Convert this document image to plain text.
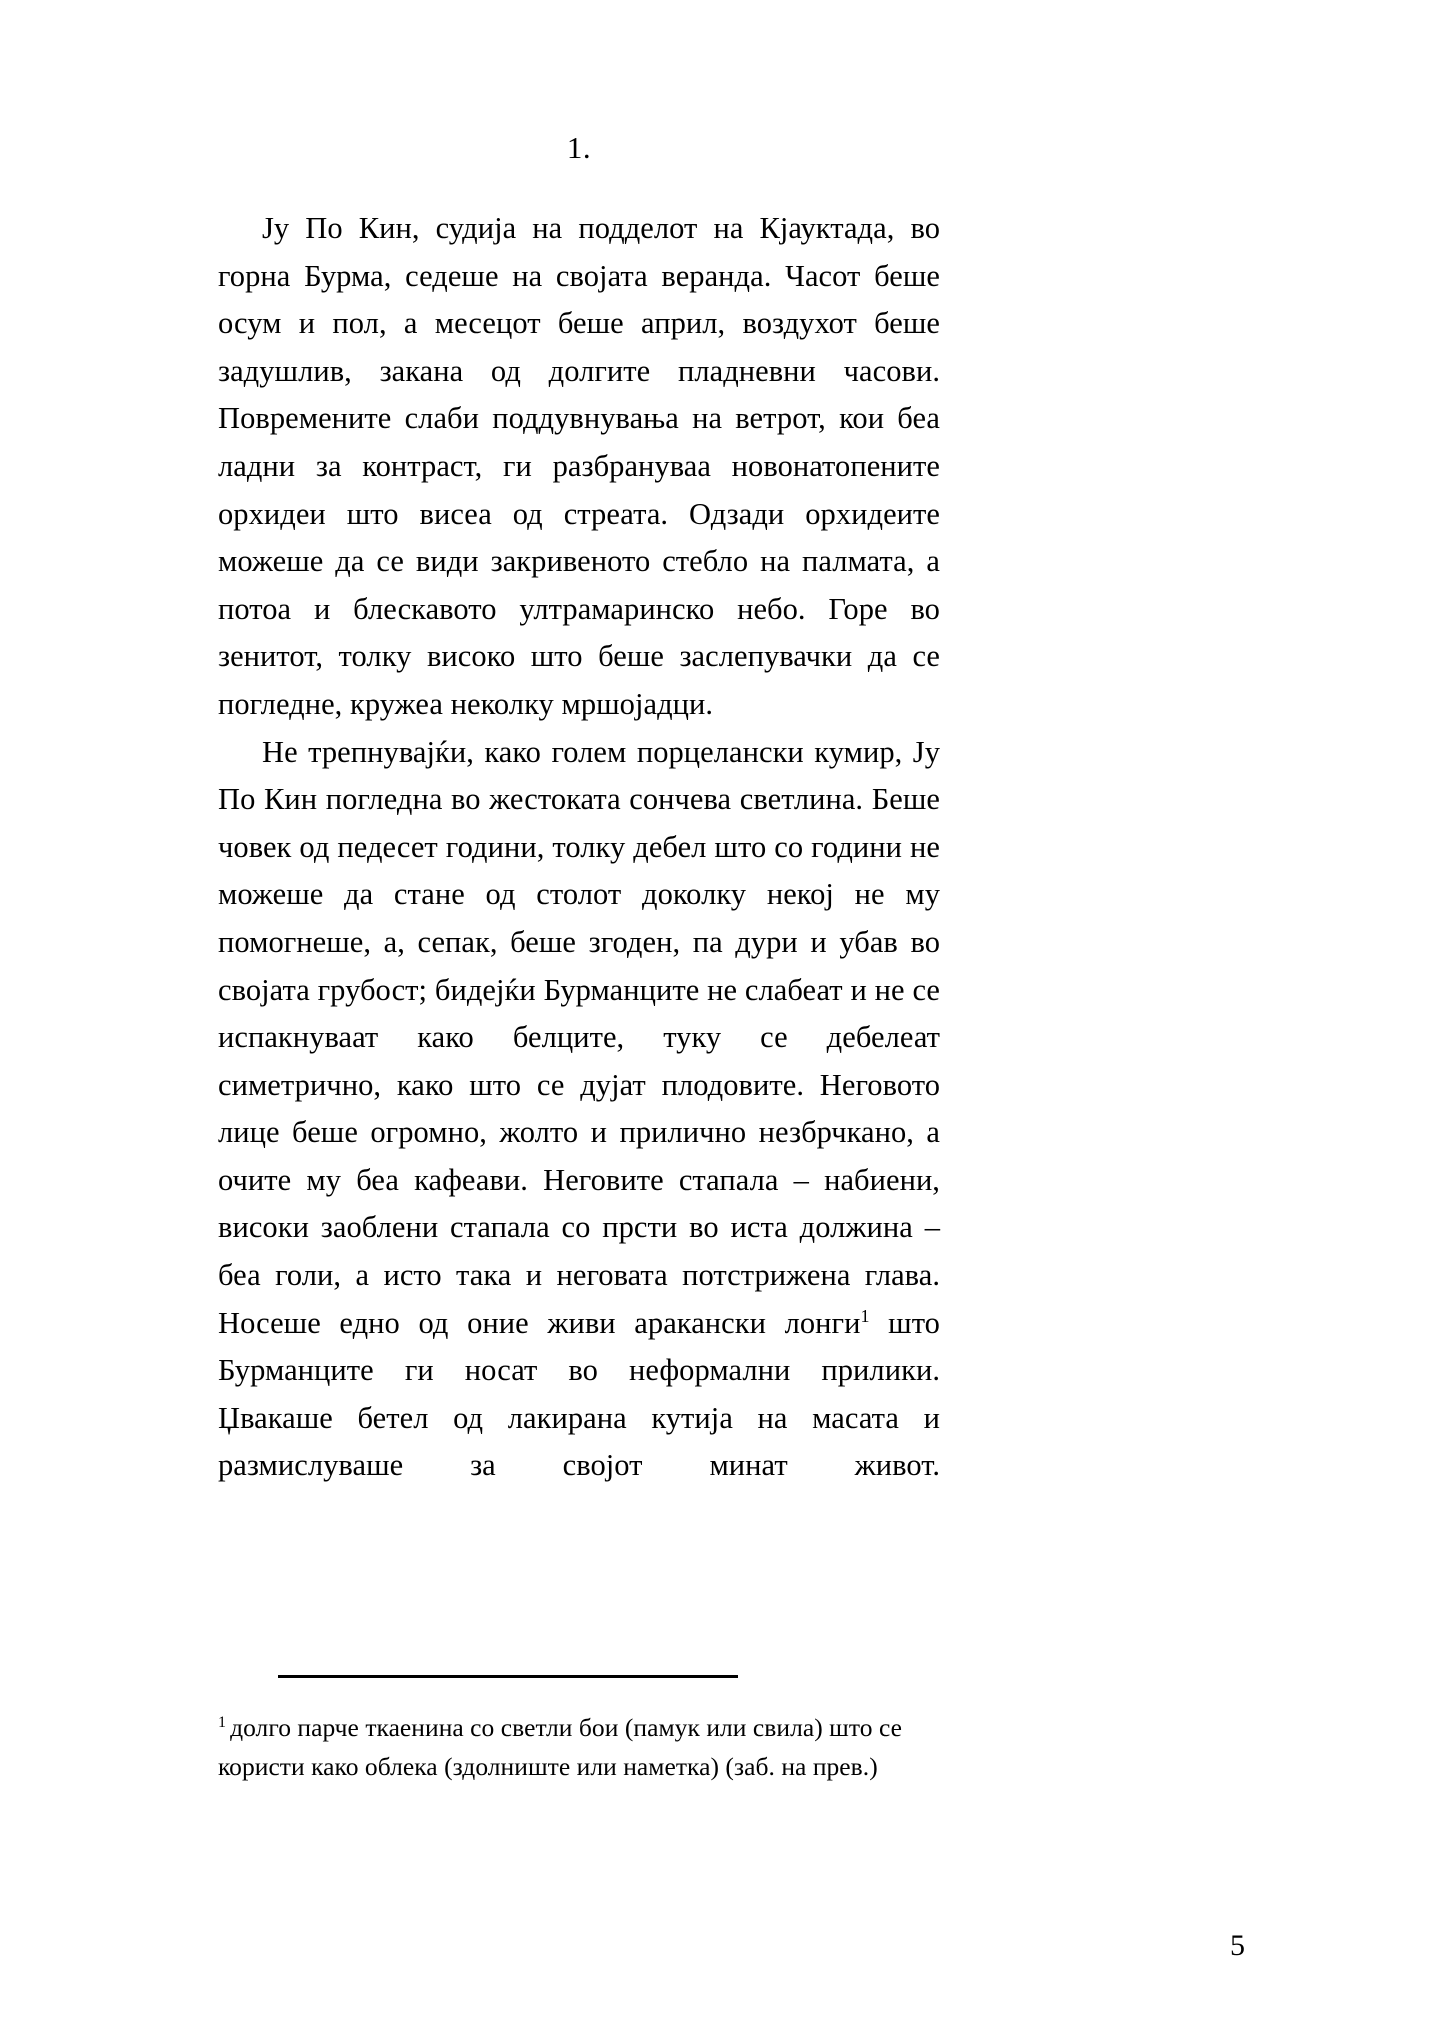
1.

Ју По Кин, судија на подделот на Кјауктада, во горна Бурма, седеше на својата веранда. Часот беше осум и пол, а месецот беше април, воздухот беше задушлив, закана од долгите пладневни часови. Повремените слаби поддувнувања на ветрот, кои беа ладни за контраст, ги разбрануваа новонатопените орхидеи што висеа од стреата. Одзади орхидеите можеше да се види закривеното стебло на палмата, а потоа и блескавото ултрамаринско небо. Горе во зенитот, толку високо што беше заслепувачки да се погледне, кружеа неколку мршојадци.

Не трепнувајќи, како голем порцелански кумир, Ју По Кин погледна во жестоката сончева светлина. Беше човек од педесет години, толку дебел што со години не можеше да стане од столот доколку некој не му помогнеше, а, сепак, беше згоден, па дури и убав во својата грубост; бидејќи Бурманците не слабеат и не се испакнуваат како белците, туку се дебелеат симетрично, како што се дујат плодовите. Неговото лице беше огромно, жолто и прилично незбрчкано, а очите му беа кафеави. Неговите стапала – набиени, високи заоблени стапала со прсти во иста должина – беа голи, а исто така и неговата потстрижена глава. Носеше едно од оние живи аракански лонги$^1$ што Бурманците ги носат во неформални прилики. Џвакаше бетел од лакирана кутија на масата и размислуваше за својот минат живот.

$^1$ долго парче ткаенина со светли бои (памук или свила) што се користи како облека (здолниште или наметка) (заб. на прев.)
5
